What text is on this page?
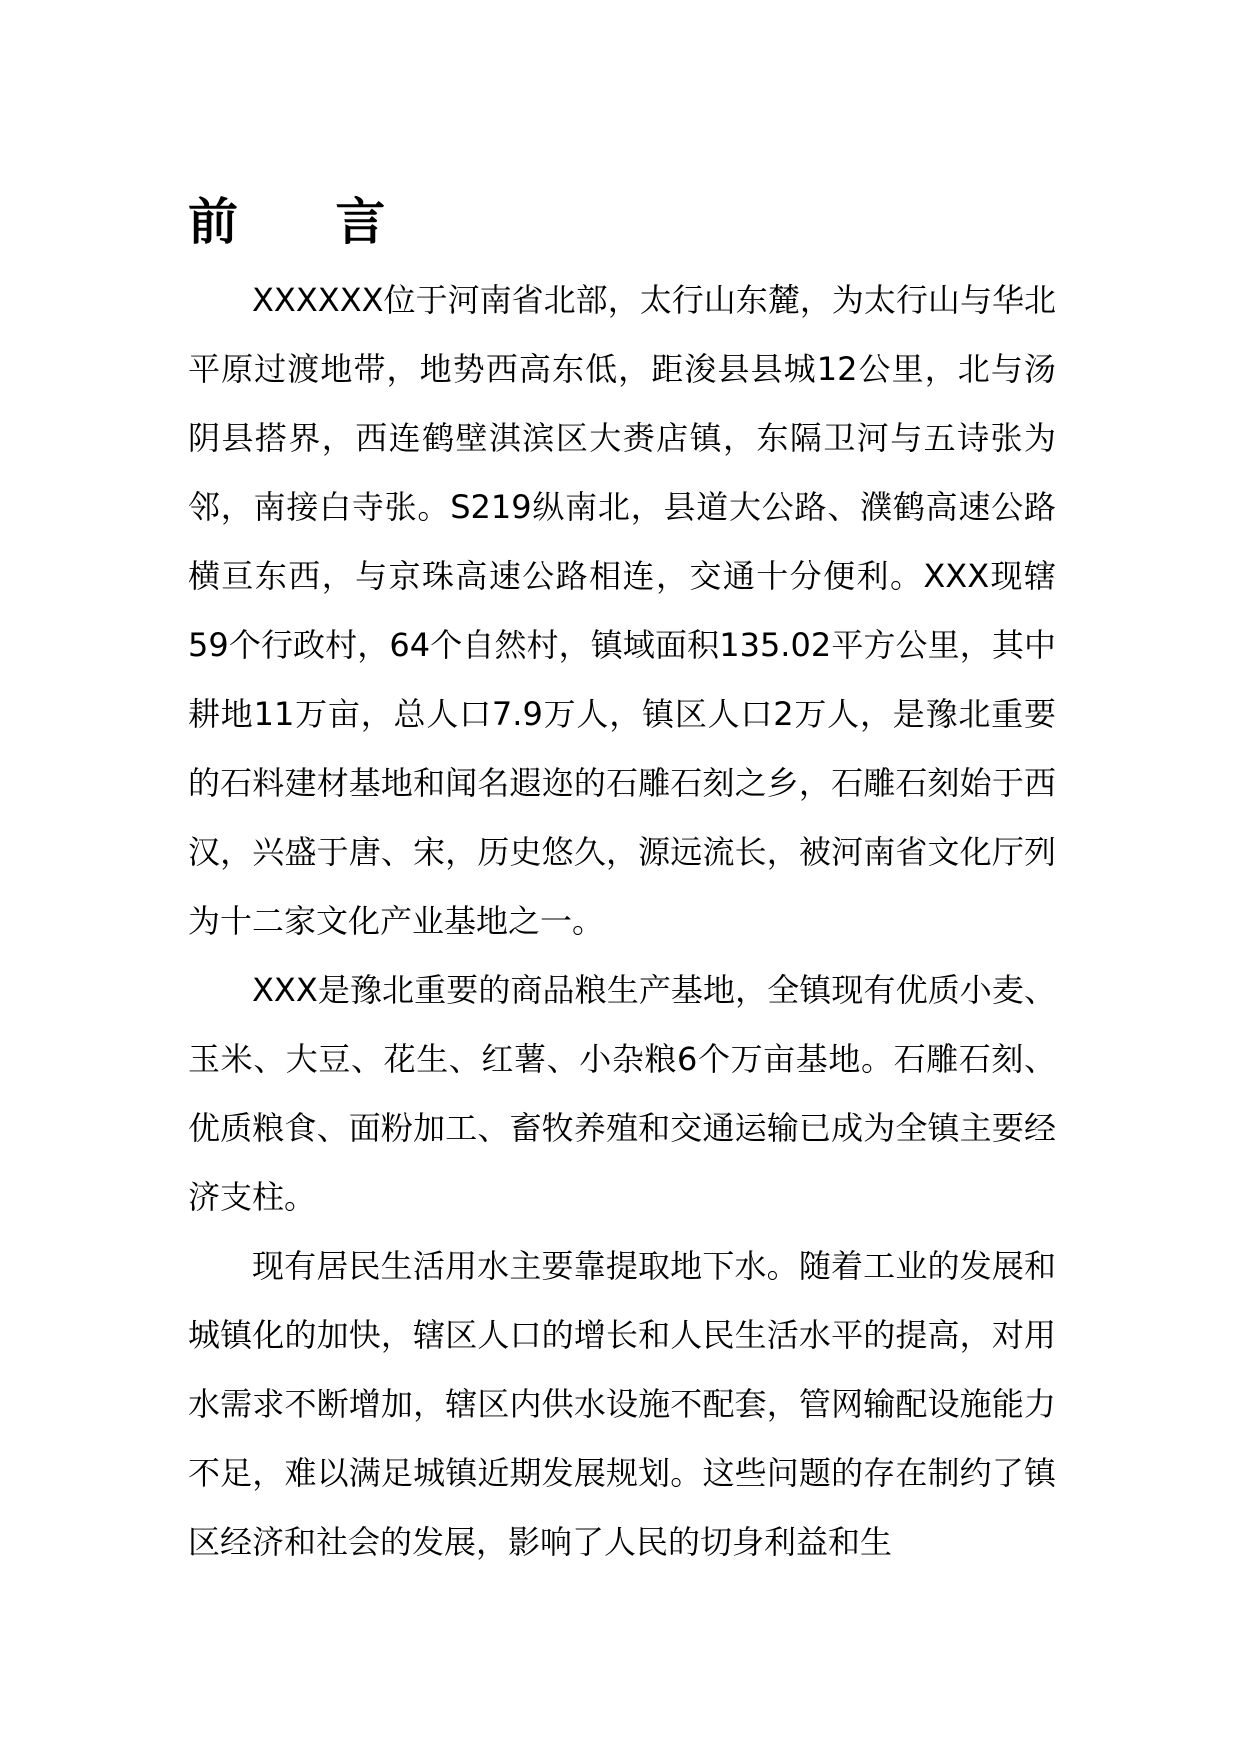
前 言

XXXXXX位于河南省北部，太行山东麓，为太行山与华北平原过渡地带，地势西高东低，距浚县县城12公里，北与汤阴县搭界，西连鹤壁淇滨区大赉店镇，东隔卫河与五诗张为邻，南接白寺张。S219纵南北，县道大公路、濮鹤高速公路横亘东西，与京珠高速公路相连，交通十分便利。XXX现辖59个行政村，64个自然村，镇域面积135.02平方公里，其中耕地11万亩，总人口7.9万人，镇区人口2万人，是豫北重要的石料建材基地和闻名遐迩的石雕石刻之乡，石雕石刻始于西汉，兴盛于唐、宋，历史悠久，源远流长，被河南省文化厅列为十二家文化产业基地之一。

XXX是豫北重要的商品粮生产基地，全镇现有优质小麦、玉米、大豆、花生、红薯、小杂粮6个万亩基地。石雕石刻、优质粮食、面粉加工、畜牧养殖和交通运输已成为全镇主要经济支柱。

现有居民生活用水主要靠提取地下水。随着工业的发展和城镇化的加快，辖区人口的增长和人民生活水平的提高，对用水需求不断增加，辖区内供水设施不配套，管网输配设施能力不足，难以满足城镇近期发展规划。这些问题的存在制约了镇区经济和社会的发展，影响了人民的切身利益和生
